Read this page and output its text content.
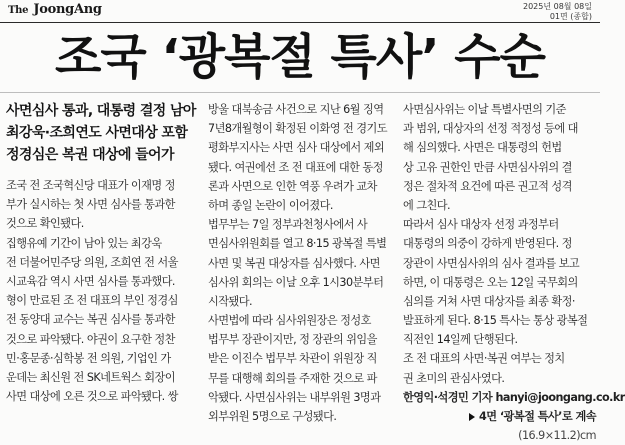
The JoongAng	2025년 08월 08일
01면 (종합)
조국 ‘광복절 특사’ 수순
사면심사 통과, 대통령 결정 남아
최강욱·조희연도 사면대상 포함
정경심은 복권 대상에 들어가
조국 전 조국혁신당 대표가 이재명 정
부가 실시하는 첫 사면 심사를 통과한
것으로 확인됐다.
집행유예 기간이 남아 있는 최강욱
전 더불어민주당 의원, 조희연 전 서울
시교육감 역시 사면 심사를 통과했다.
형이 만료된 조 전 대표의 부인 정경심
전 동양대 교수는 복권 심사를 통과한
것으로 파악됐다. 야권이 요구한 정찬
민·홍문종·심학봉 전 의원, 기업인 가
운데는 최신원 전 SK네트웍스 회장이
사면 대상에 오른 것으로 파악됐다. 쌍
방울 대북송금 사건으로 지난 6월 징역
7년8개월형이 확정된 이화영 전 경기도
평화부지사는 사면 심사 대상에서 제외
됐다. 여권에선 조 전 대표에 대한 동정
론과 사면으로 인한 역풍 우려가 교차
하며 종일 논란이 이어졌다.
법무부는 7일 정부과천청사에서 사
면심사위원회를 열고 8·15 광복절 특별
사면 및 복권 대상자를 심사했다. 사면
심사위 회의는 이날 오후 1시30분부터
시작됐다.
사면법에 따라 심사위원장은 정성호
법무부 장관이지만, 정 장관의 위임을
받은 이진수 법무부 차관이 위원장 직
무를 대행해 회의를 주재한 것으로 파
악됐다. 사면심사위는 내부위원 3명과
외부위원 5명으로 구성됐다.
사면심사위는 이날 특별사면의 기준
과 범위, 대상자의 선정 적정성 등에 대
해 심의했다. 사면은 대통령의 헌법
상 고유 권한인 만큼 사면심사위의 결
정은 절차적 요건에 따른 권고적 성격
에 그친다.
따라서 심사 대상자 선정 과정부터
대통령의 의중이 강하게 반영된다. 정
장관이 사면심사위의 심사 결과를 보고
하면, 이 대통령은 오는 12일 국무회의
심의를 거쳐 사면 대상자를 최종 확정·
발표하게 된다. 8·15 특사는 통상 광복절
직전인 14일께 단행된다.
조 전 대표의 사면·복권 여부는 정치
권 초미의 관심사였다.
한영익·석경민 기자 hanyi@joongang.co.kr
4면 ‘광복절 특사’로 계속
(16.9×11.2)cm
